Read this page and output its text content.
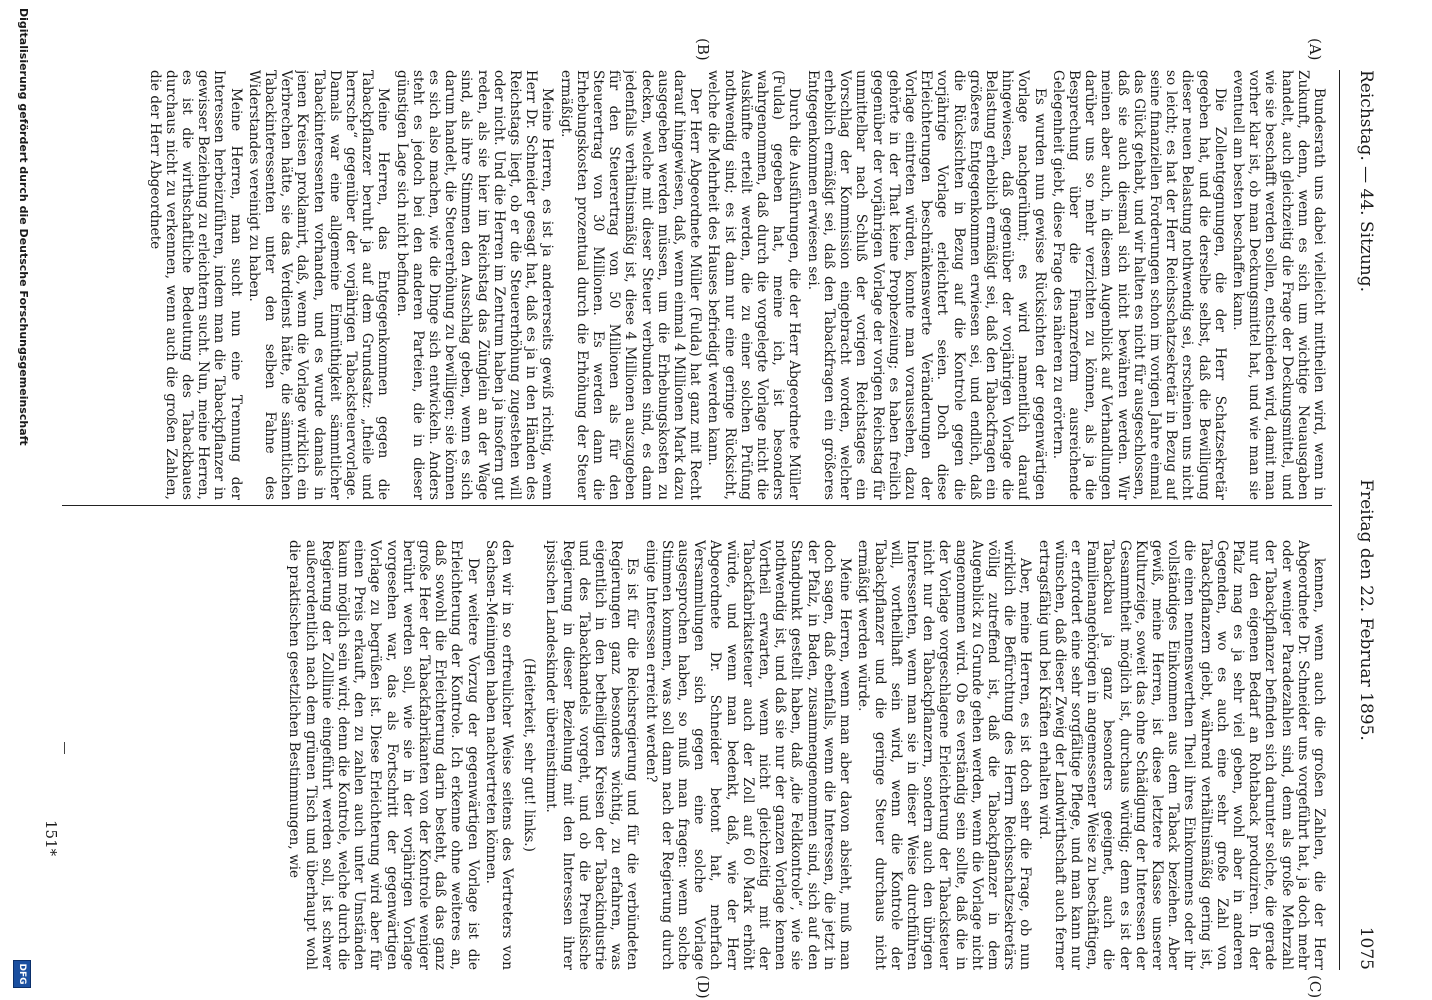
Reichstag. — 44. Sitzung.
Freitag den 22. Februar 1895.
1075
(A)
(B)
(C)
(D)

Bundesrath uns dabei vielleicht mittheilen wird, wenn in Zukunft, denn, wenn es sich um wichtige Neuausgaben handelt, auch gleichzeitig die Frage der Deckungsmittel, und wie sie beschafft werden sollen, entschieden wird, damit man vorher klar ist, ob man Deckungsmittel hat, und wie man sie eventuell am besten beschaffen kann.

Die Zollentgegnungen, die der Herr Schatzsekretär gegeben hat, und die derselbe selbst, daß die Bewilligung dieser neuen Belastung nothwendig sei, erscheinen uns nicht so leicht; es hat der Herr Reichsschatzsekretär in Bezug auf seine finanziellen Forderungen schon im vorigen Jahre einmal das Glück gehabt, und wir halten es nicht für ausgeschlossen, daß sie auch diesmal sich nicht bewähren werden. Wir meinen aber auch, in diesem Augenblick auf Verhandlungen darüber uns so mehr verzichten zu können, als ja die Besprechung über die Finanzreform ausreichende Gelegenheit giebt, diese Frage des näheren zu erörtern.

Es wurden nun gewisse Rücksichten der gegenwärtigen Vorlage nachgerühmt; es wird namentlich darauf hingewiesen, daß gegenüber der vorjährigen Vorlage die Belastung erheblich ermäßigt sei, daß den Tabackfragen ein größeres Entgegenkommen erwiesen sei, und endlich, daß die Rücksichten in Bezug auf die Kontrole gegen die vorjährige Vorlage erleichtert seien. Doch diese Erleichterungen beschränkenswerte Veränderungen der Vorlage eintreten würden, konnte man voraussehen, dazu gehörte in der That keine Prophezeiung; es haben freilich gegenüber der vorjährigen Vorlage der vorigen Reichstag für unmittelbar nach Schluß der vorigen Reichstages ein Vorschlag der Kommission eingebracht worden, welcher erheblich ermäßigt sei, daß den Tabackfragen ein größeres Entgegenkommen erwiesen sei.

Durch die Ausführungen, die der Herr Abgeordnete Müller (Fulda) gegeben hat, meine ich, ist besonders wahrgenommen, daß durch die vorgelegte Vorlage nicht die Auskünfte erteilt werden, die zu einer solchen Prüfung nothwendig sind; es ist dann nur eine geringe Rücksicht, welche die Mehrheit des Hauses befriedigt werden kann.

Der Herr Abgeordnete Müller (Fulda) hat ganz mit Recht darauf hingewiesen, daß, wenn einmal 4 Millionen Mark dazu ausgegeben werden müssen, um die Erhebungskosten zu decken, welche mit dieser Steuer verbunden sind, es dann jedenfalls verhältnismäßig ist, diese 4 Millionen auszugeben für den Steuerertrag von 50 Millionen als für den Steuerertrag von 30 Millionen. Es werden dann die Erhebungskosten prozentual durch die Erhöhung der Steuer ermäßigt.

Meine Herren, es ist ja andererseits gewiß richtig, wenn Herr Dr. Schneider gesagt hat, daß es ja in den Händen des Reichstags liegt, ob er die Steuererhöhung zugestehen will oder nicht. Und die Herren im Zentrum haben ja insofern gut reden, als sie hier im Reichstag das Zünglein an der Wage sind, als ihre Stimmen den Ausschlag geben, wenn es sich darum handelt, die Steuererhöhung zu bewilligen; sie können es sich also machen, wie die Dinge sich entwickeln. Anders steht es jedoch bei den anderen Parteien, die in dieser günstigen Lage sich nicht befinden.

Meine Herren, das Entgegenkommen gegen die Tabackpflanzer beruht ja auf dem Grundsatz: „theile und herrsche“ gegenüber der vorjährigen Tabacksteuervorlage. Damals war eine allgemeine Einmüthigkeit sämmtlicher Tabackinteressenten vorhanden, und es wurde damals in jenen Kreisen proklamirt, daß, wenn die Vorlage wirklich ein Verbrechen hätte, sie das Verdienst hätte, die sämmtlichen Tabackinteressenten unter den selben Fahne des Widerstandes vereinigt zu haben.

Meine Herren, man sucht nun eine Trennung der Interessen herbeizuführen, indem man die Tabackpflanzer in gewisser Beziehung zu erleichtern sucht. Nun, meine Herren, es ist die wirthschaftliche Bedeutung des Tabackbaues durchaus nicht zu verkennen, wenn auch die großen Zahlen, die der Herr Abgeordnete

kennen, wenn auch die großen Zahlen, die der Herr Abgeordnete Dr. Schneider uns vorgeführt hat, ja doch mehr oder weniger Paradezahlen sind, denn als große Mehrzahl der Tabackpflanzer befinden sich darunter solche, die gerade nur den eigenen Bedarf an Rohtaback produziren. In der Pfalz mag es ja sehr viel geben, wohl aber in anderen Gegenden, wo es auch eine sehr große Zahl von Tabackpflanzern giebt, während verhältnismäßig gering ist, die einen nennenswerthen Theil ihres Einkommens oder ihr vollständiges Einkommen aus dem Taback beziehen. Aber gewiß, meine Herren, ist diese letztere Klasse unserer Kulturzeige, soweit das ohne Schädigung der Interessen der Gesammtheit möglich ist, durchaus würdig; denn es ist der Tabackbau ja ganz besonders geeignet, auch die Familienangehörigen in angemessener Weise zu beschäftigen, er erfordert eine sehr sorgfältige Pflege, und man kann nur wünschen, daß dieser Zweig der Landwirthschaft auch ferner ertragsfähig und bei Kräften erhalten wird.

Aber, meine Herren, es ist doch sehr die Frage, ob nun wirklich die Befürchtung des Herrn Reichsschatzsekretärs völlig zutreffend ist, daß die Tabackpflanzer in dem Augenblick zu Grunde gehen werden, wenn die Vorlage nicht angenommen wird. Ob es verständig sein sollte, daß die in der Vorlage vorgeschlagene Erleichterung der Tabacksteuer nicht nur den Tabackpflanzern, sondern auch den übrigen Interessenten, wenn man sie in dieser Weise durchführen will, vortheilhaft sein wird, wenn die Kontrole der Tabackpflanzer und die geringe Steuer durchaus nicht ermäßigt werden würde.

Meine Herren, wenn man aber davon absieht, muß man doch sagen, daß ebenfalls, wenn die Interessen, die jetzt in der Pfalz, in Baden, zusammengenommen sind, sich auf den Standpunkt gestellt haben, daß „die Feldkontrole“, wie sie nothwendig ist, und daß sie nur der ganzen Vorlage kennen Vortheil erwarten, wenn nicht gleichzeitig mit der Tabackfabrikatsteuer auch der Zoll auf 60 Mark erhöht würde, und wenn man bedenkt, daß, wie der Herr Abgeordnete Dr. Schneider betont hat, mehrfach Versammlungen sich gegen eine solche Vorlage ausgesprochen haben, so muß man fragen: wenn solche Stimmen kommen, was soll dann nach der Regierung durch einige Interessen erreicht werden?

Es ist für die Reichsregierung und für die verbündeten Regierungen ganz besonders wichtig, zu erfahren, was eigentlich in den betheiligten Kreisen der Tabackindustrie und des Tabackhandels vorgeht, und ob die Preußische Regierung in dieser Beziehung mit den Interessen ihrer ipsischen Landeskinder übereinstimmt.

(Heiterkeit, sehr gut! links.)

den wir in so erfreulicher Weise seitens des Vertreters von Sachsen-Meiningen haben nachvertreten können.

Der weitere Vorzug der gegenwärtigen Vorlage ist die Erleichterung der Kontrole. Ich erkenne ohne weiteres an, daß sowohl die Erleichterung darin besteht, daß das ganz große Heer der Tabackfabrikanten von der Kontrole weniger berührt werden soll, wie sie in der vorjährigen Vorlage vorgesehen war, das als Fortschritt der gegenwärtigen Vorlage zu begrüßen ist. Diese Erleichterung wird aber für einen Preis erkauft, den zu zahlen auch unter Umständen kaum möglich sein wird; denn die Kontrole, welche durch die Regierung der Zolllinie eingeführt werden soll, ist schwer außerordentlich nach dem grünen Tisch und überhaupt wohl die praktischen gesetzlichen Bestimmungen, wie

151*
Digitalisierung gefördert durch die Deutsche Forschungsgemeinschaft
DFG
